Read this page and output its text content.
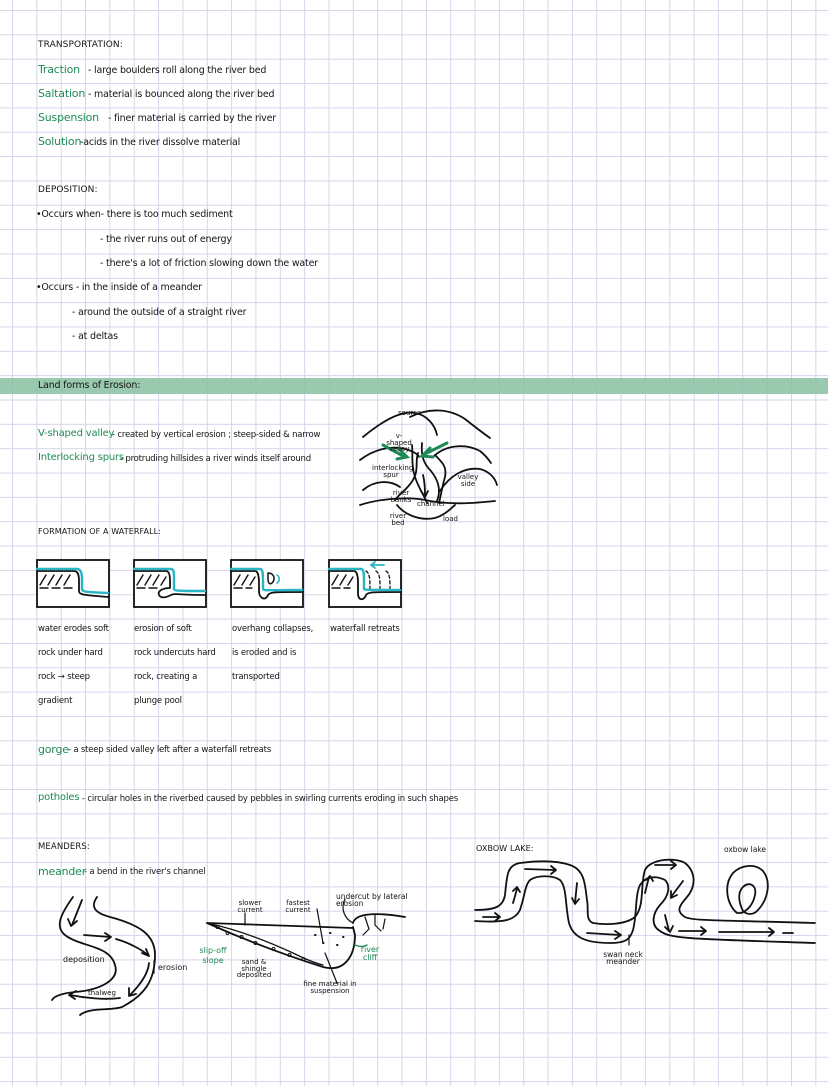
TRANSPORTATION:
Traction - large boulders roll along the river bed
Saltation - material is bounced along the river bed
Suspension - finer material is carried by the river
Solution
-acids in the river dissolve material
DEPOSITION:
•Occurs when- there is too much sediment
- the river runs out of energy
- there's a lot of friction slowing down the water
•Occurs - in the inside of a meander
- around the outside of a straight river
- at deltas
Land forms of Erosion:
V-shaped valley
- created by vertical erosion ; steep-sided & narrow
Interlocking spurs
- protruding hillsides a river winds itself around
source
v-shaped valley
interlocking spur	valley side
river banks
channel
river bed	load
FORMATION OF A WATERFALL:
water erodes soft
rock under hard
rock → steep
gradient
erosion of soft
rock undercuts hard
rock, creating a
plunge pool
overhang collapses,
is eroded and is
transported
waterfall retreats
gorge - a steep sided valley left after a waterfall retreats
potholes - circular holes in the riverbed caused by pebbles in swirling currents eroding in such shapes
MEANDERS:
meander
- a bend in the river's channel
deposition
erosion
thalweg
slower current
fastest current
undercut by lateral erosion
slip-off slope	sand & shingle deposited
fine material in suspension
river cliff
OXBOW LAKE:	oxbow lake
swan neck meander
